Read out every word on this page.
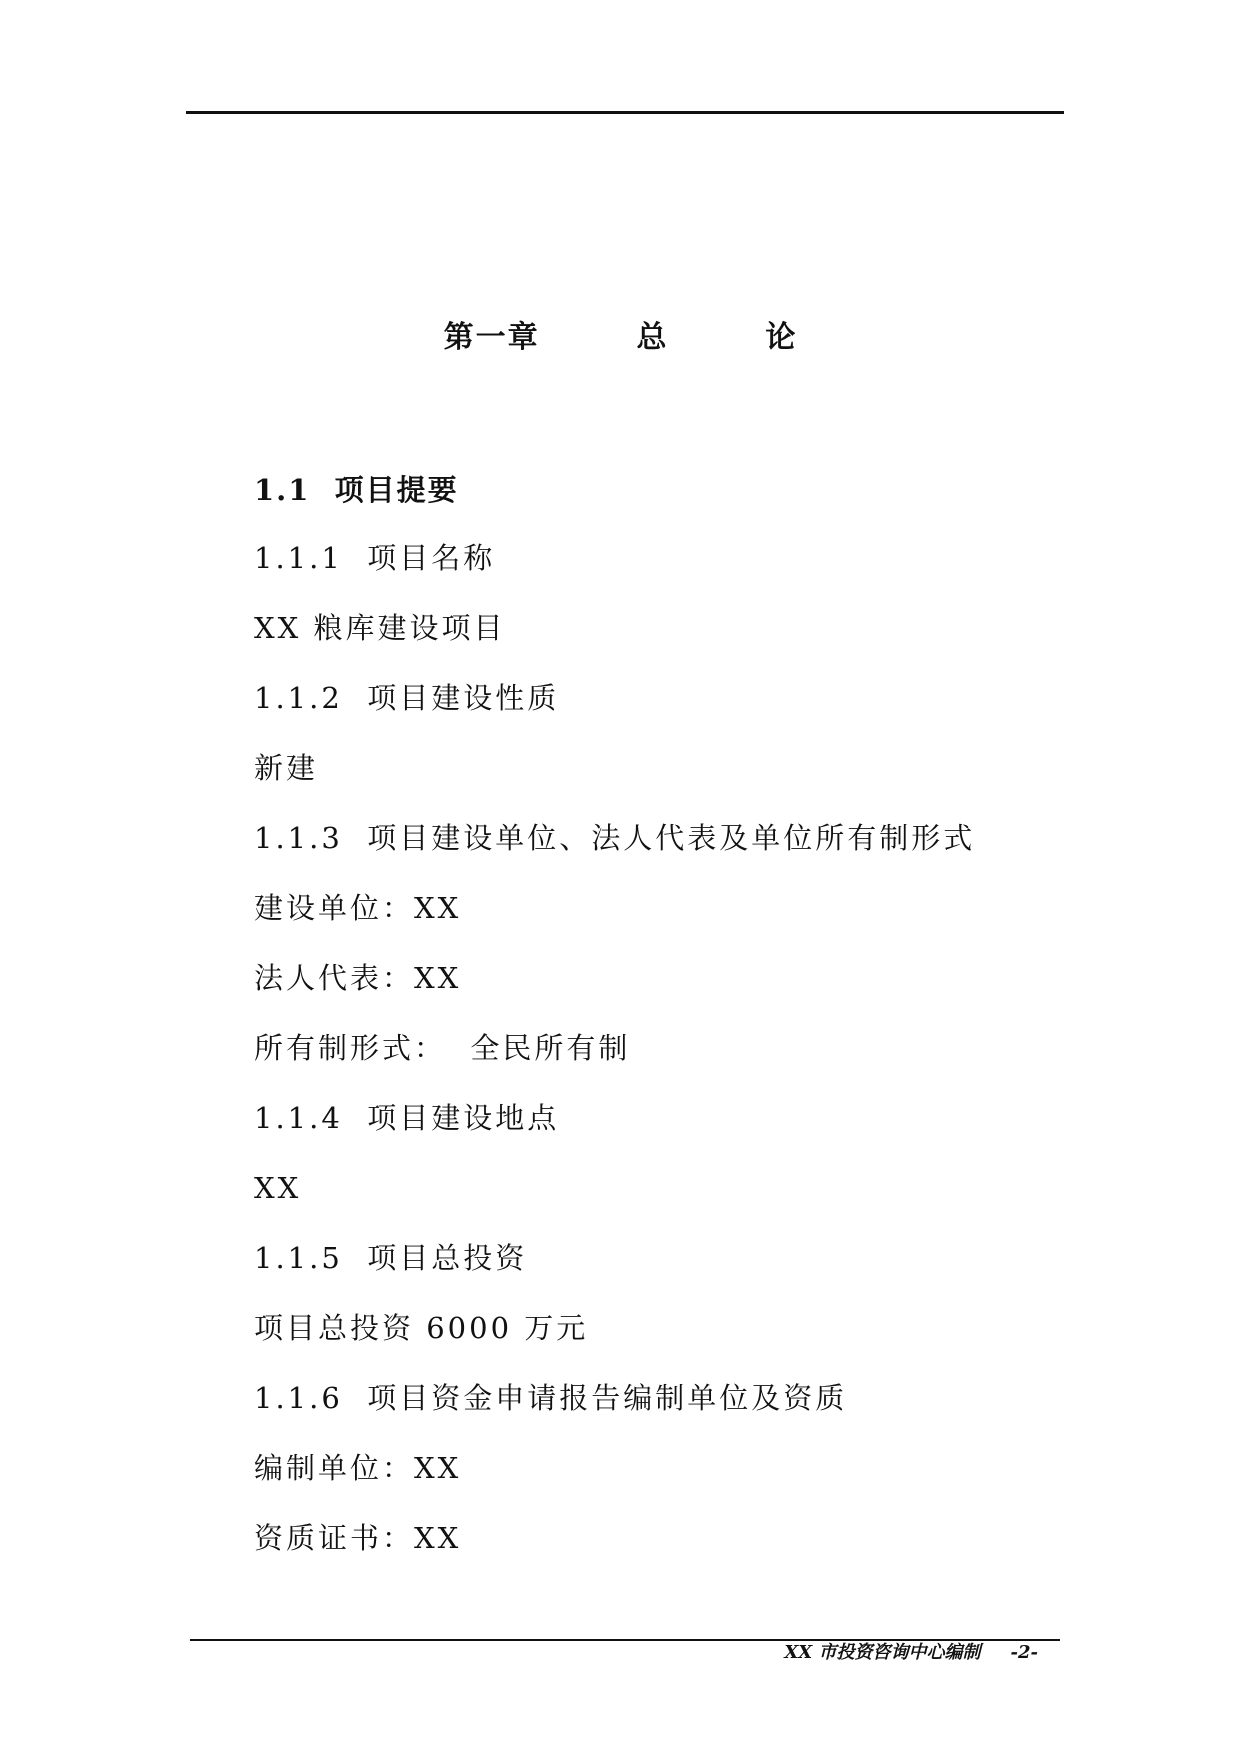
第一章  总  论
1.1  项目提要
1.1.1  项目名称
XX 粮库建设项目
1.1.2  项目建设性质
新建
1.1.3  项目建设单位、法人代表及单位所有制形式
建设单位：XX
法人代表：XX
所有制形式：  全民所有制
1.1.4  项目建设地点
XX
1.1.5  项目总投资
项目总投资 6000 万元
1.1.6  项目资金申请报告编制单位及资质
编制单位：XX
资质证书：XX
XX 市投资咨询中心编制 -2-
